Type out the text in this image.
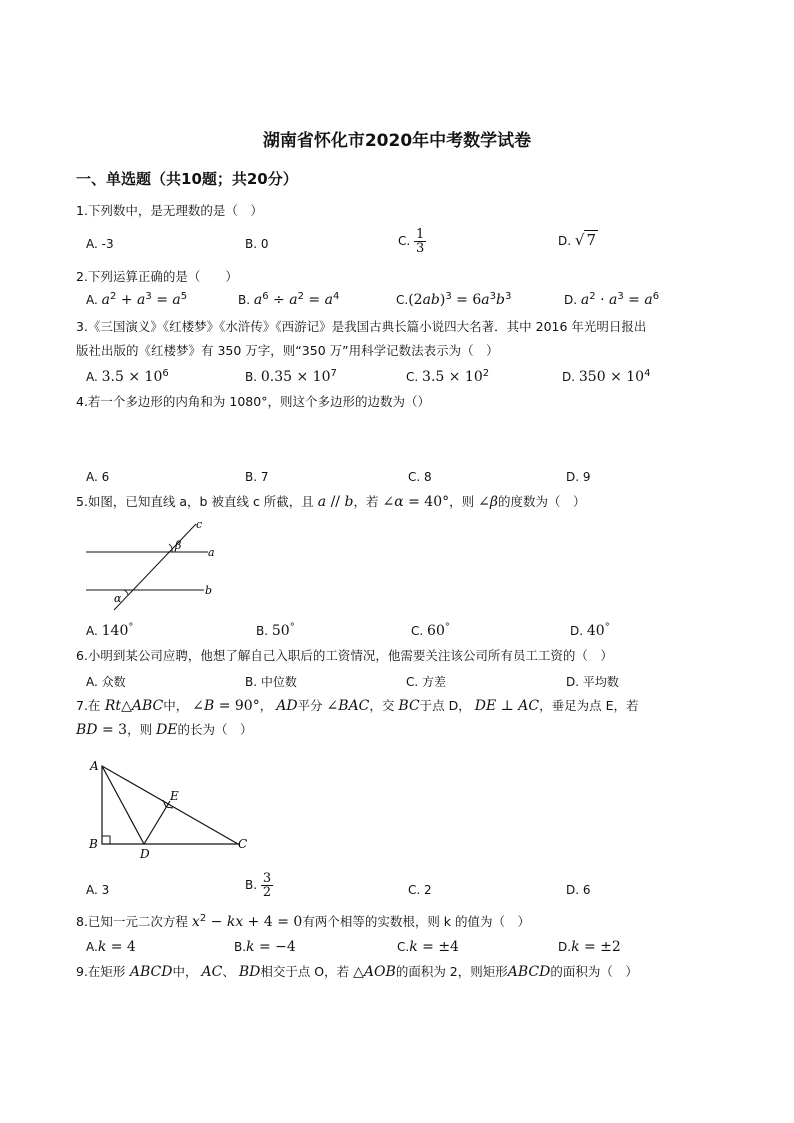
湖南省怀化市2020年中考数学试卷
一、单选题（共10题；共20分）
1.下列数中，是无理数的是（　）
A. -3	B. 0	C. $\frac{1}{3}$	D. √ 7
2.下列运算正确的是（　　）
A. $a^2 + a^3 = a^5$	B. $a^6 \div a^2 = a^4$	$C.(2ab)^3 = 6a^3b^3$	D. $a^2 \cdot a^3 = a^6$
3.《三国演义》《红楼梦》《水浒传》《西游记》是我国古典长篇小说四大名著．其中 2016 年光明日报出
版社出版的《红楼梦》有 350 万字，则“350 万”用科学记数法表示为（　）
A. $3.5 \times 10^6$	B. $0.35 \times 10^7$	C. $3.5 \times 10^2$	D. $350 \times 10^4$
4.若一个多边形的内角和为 1080°，则这个多边形的边数为（）
A. 6	B. 7	C. 8	D. 9
5.如图，已知直线 a，b 被直线 c 所截，且 a // b，若 ∠α = 40°，则 ∠β的度数为（　）
c
β
a
α
b
A. 140°	B. 50°	C. 60°	D. 40°
6.小明到某公司应聘，他想了解自己入职后的工资情况，他需要关注该公司所有员工工资的（　）
A. 众数	B. 中位数	C. 方差	D. 平均数
7.在 Rt△ABC中， ∠B = 90°， AD平分 ∠BAC，交 BC于点 D， DE ⊥ AC，垂足为点 E，若
BD = 3，则 DE的长为（　）
A
B	C
D
E
A. 3	B. $\frac{3}{2}$	C. 2	D. 6
8.已知一元二次方程 $x^2$ − kx + 4 = 0有两个相等的实数根，则 k 的值为（　）
A.k = 4	B.k = −4	C.k = ±4	D.k = ±2
9.在矩形 ABCD中， AC、 BD相交于点 O，若 △AOB的面积为 2，则矩形ABCD的面积为（　）
